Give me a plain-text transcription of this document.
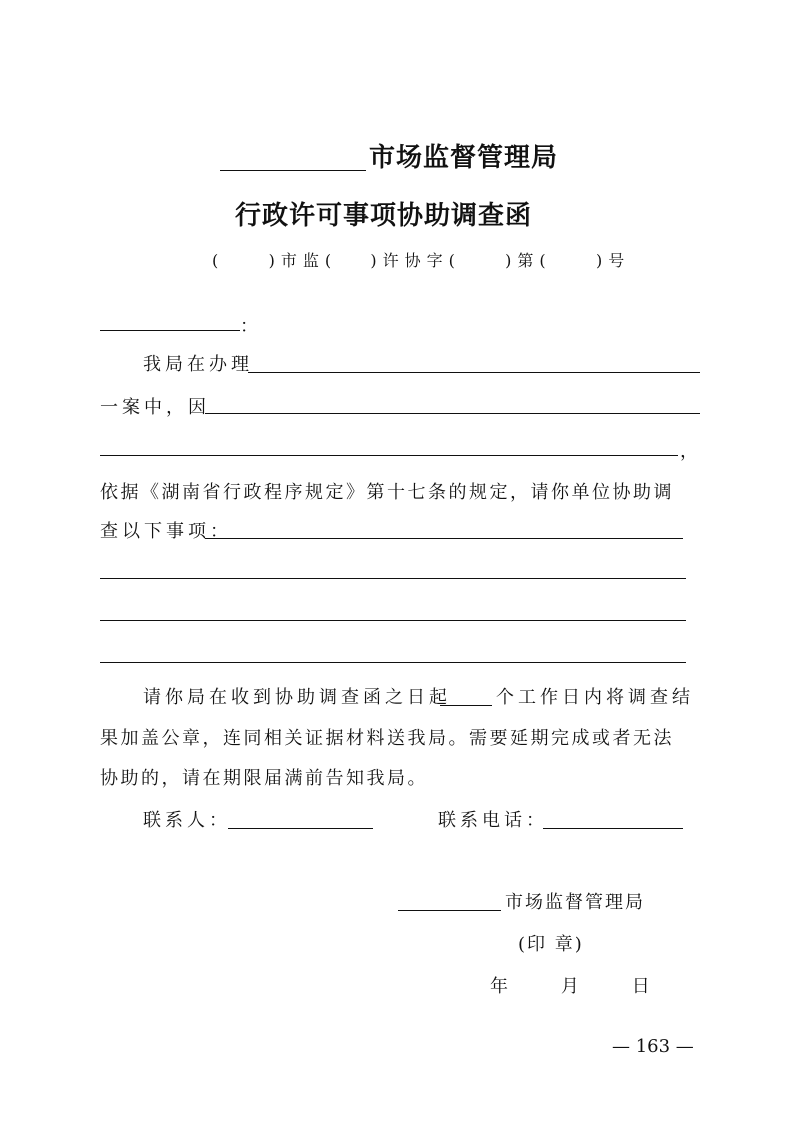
市场监督管理局
行政许可事项协助调查函
(    )市监(   )许协字(    )第(    )号
：
我局在办理
一案中，因
，
依据《湖南省行政程序规定》第十七条的规定，请你单位协助调
查以下事项：
请你局在收到协助调查函之日起	个工作日内将调查结
果加盖公章，连同相关证据材料送我局。需要延期完成或者无法
协助的，请在期限届满前告知我局。
联系人：	联系电话：
市场监督管理局
(印 章)
年    月    日
— 163 —
